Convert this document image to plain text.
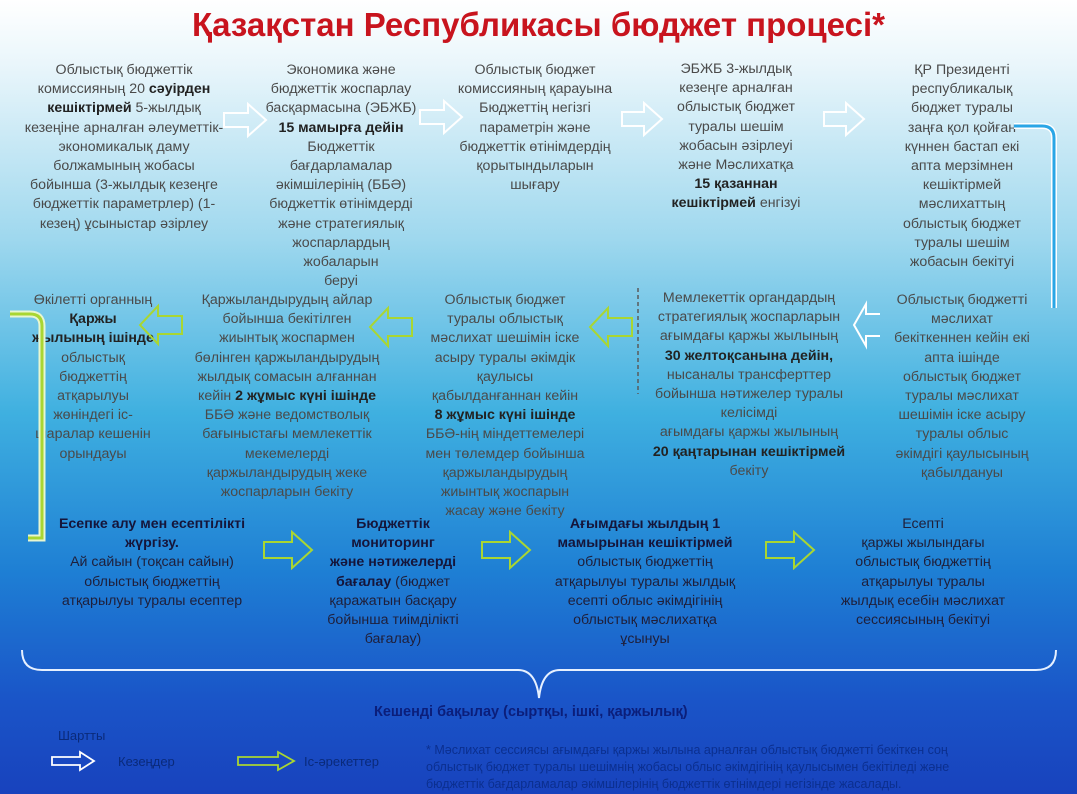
Қазақстан Республикасы бюджет процесі*
Облыстық бюджеттік
комиссияның 20 сәуірден
кешіктірмей 5-жылдық
кезеңіне арналған әлеуметтік-
экономикалық даму
болжамының жобасы
бойынша (3-жылдық кезеңге
бюджеттік параметрлер) (1-
кезең) ұсыныстар әзірлеу
Экономика және
бюджеттік жоспарлау
басқармасына (ЭБЖБ)
15 мамырға дейін
Бюджеттік
бағдарламалар
әкімшілерінің (ББӘ)
бюджеттік өтінімдерді
және стратегиялық
жоспарлардың
жобаларын
беруі
Облыстық бюджет
комиссияның қарауына
Бюджеттің негізгі
параметрін және
бюджеттік өтінімдердің
қорытындыларын
шығару
ЭБЖБ 3-жылдық
кезеңге арналған
облыстық бюджет
туралы шешім
жобасын әзірлеуі
және Мәслихатқа
15 қазаннан
кешіктірмей енгізуі
ҚР Президенті
республикалық
бюджет туралы
заңға қол қойған
күннен бастап екі
апта мерзімнен
кешіктірмей
мәслихаттың
облыстық бюджет
туралы шешім
жобасын бекітуі
Өкілетті органның
Қаржы
жылының ішінде
облыстық
бюджеттің
атқарылуы
жөніндегі іс-
шаралар кешенін
орындауы
Қаржыландырудың айлар
бойынша бекітілген
жиынтық жоспармен
бөлінген қаржыландырудың
жылдық сомасын алғаннан
кейін 2 жұмыс күні ішінде
ББӘ және ведомстволық
бағыныстағы мемлекеттік
мекемелерді
қаржыландырудың жеке
жоспарларын бекіту
Облыстық бюджет
туралы облыстық
мәслихат шешімін іске
асыру туралы әкімдік
қаулысы
қабылданғаннан кейін
8 жұмыс күні ішінде
ББӘ-нің міндеттемелері
мен төлемдер бойынша
қаржыландырудың
жиынтық жоспарын
жасау және бекіту
Мемлекеттік органдардың
стратегиялық жоспарларын
ағымдағы қаржы жылының
30 желтоқсанына дейін,
нысаналы трансферттер
бойынша нәтижелер туралы
келісімді
ағымдағы қаржы жылының
20 қаңтарынан кешіктірмей
бекіту
Облыстық бюджетті
мәслихат
бекіткеннен кейін екі
апта ішінде
облыстық бюджет
туралы мәслихат
шешімін іске асыру
туралы облыс
әкімдігі қаулысының
қабылдануы
Есепке алу мен есептілікті
жүргізу.
Ай сайын (тоқсан сайын)
облыстық бюджеттің
атқарылуы туралы есептер
Бюджеттік
мониторинг
және нәтижелерді
бағалау (бюджет
қаражатын басқару
бойынша тиімділікті
бағалау)
Ағымдағы жылдың 1
мамырынан кешіктірмей
облыстық бюджеттің
атқарылуы туралы жылдық
есепті облыс әкімдігінің
облыстық мәслихатқа
ұсынуы
Есепті
қаржы жылындағы
облыстық бюджеттің
атқарылуы туралы
жылдық есебін мәслихат
сессиясының бекітуі
Кешенді бақылау (сыртқы, ішкі, қаржылық)
Шартты
Кезеңдер	Іс-әрекеттер
* Мәслихат сессиясы ағымдағы қаржы жылына арналған облыстық бюджетті бекіткен соң
облыстық бюджет туралы шешімнің жобасы облыс әкімдігінің қаулысымен бекітіледі және
бюджеттік бағдарламалар әкімшілерінің бюджеттік өтінімдері негізінде жасалады.
